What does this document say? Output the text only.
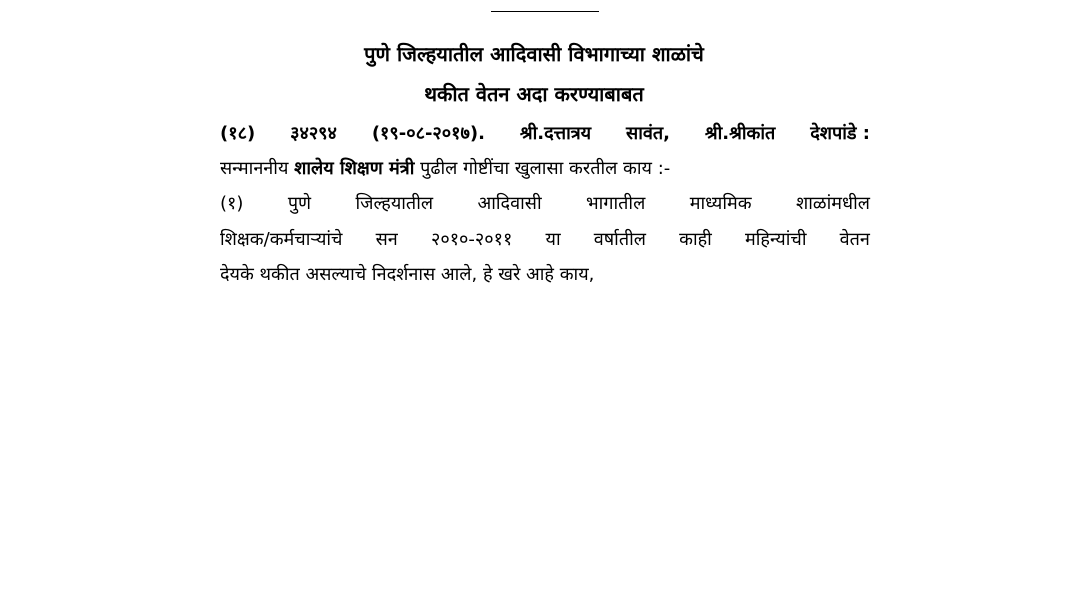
पुणे जिल्हयातील आदिवासी विभागाच्या शाळांचे
थकीत वेतन अदा करण्याबाबत
(१८) ३४२९४ (१९-०८-२०१७). श्री.दत्तात्रय सावंत, श्री.श्रीकांत देशपांडे :
सन्माननीय शालेय शिक्षण मंत्री पुढील गोष्टींचा खुलासा करतील काय :-
(१) पुणे जिल्हयातील आदिवासी भागातील माध्यमिक शाळांमधील
शिक्षक/कर्मचाऱ्यांचे सन २०१०-२०११ या वर्षातील काही महिन्यांची वेतन
देयके थकीत असल्याचे निदर्शनास आले, हे खरे आहे काय,
